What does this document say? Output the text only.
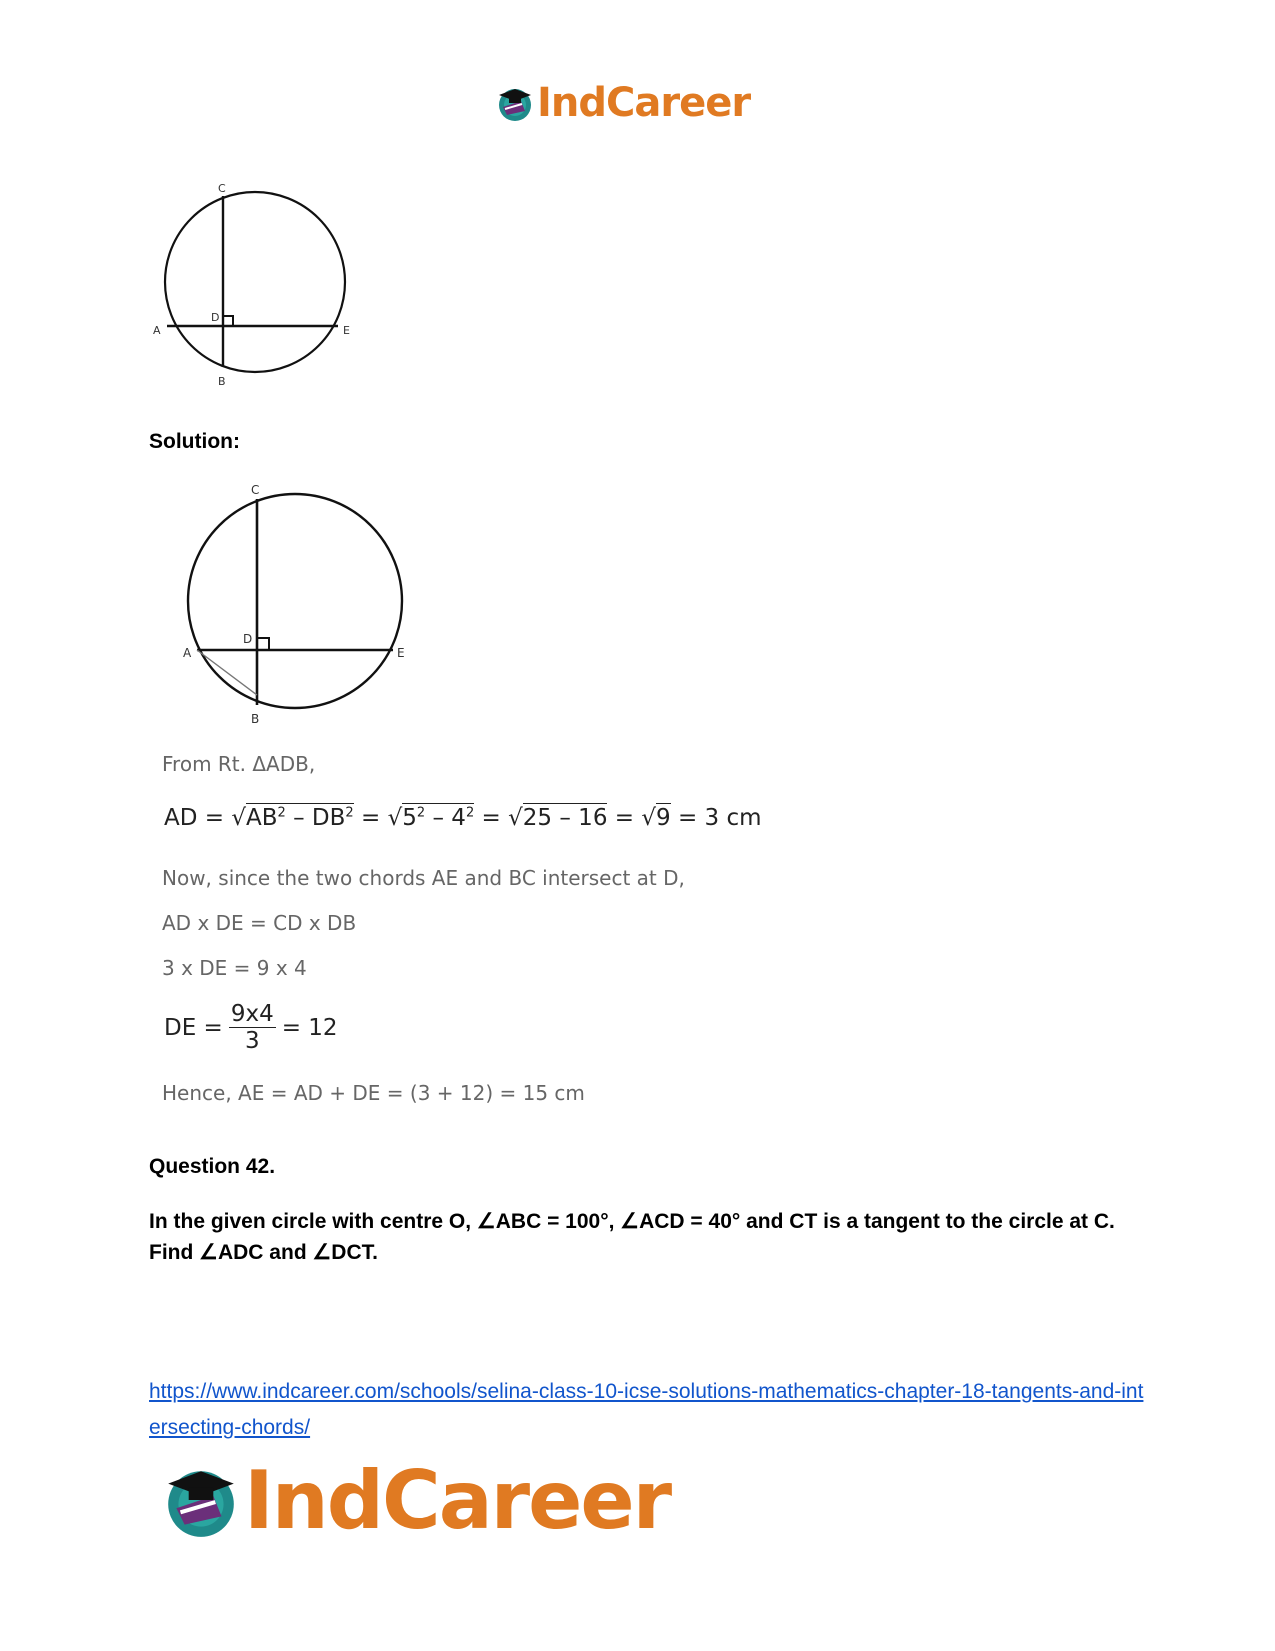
IndCareer
C
D
A	E
B
Solution:
C
D
A	E
B
From Rt. ΔADB,
AD = $√AB^2 - DB^2 = √5^2 - 4^2 = √25 - 16 = √9 = 3$ cm
Now, since the two chords AE and BC intersect at D,
AD x DE = CD x DB
3 x DE = 9 x 4
DE = $\frac{9x4}{3} = 12$
Hence, AE = AD + DE = (3 + 12) = 15 cm
Question 42.
In the given circle with centre O, ∠ABC = 100°, ∠ACD = 40° and CT is a tangent to the circle at C. Find ∠ADC and ∠DCT.
https://www.indcareer.com/schools/selina-class-10-icse-solutions-mathematics-chapter-18-tangents-and-intersecting-chords/
IndCareer
